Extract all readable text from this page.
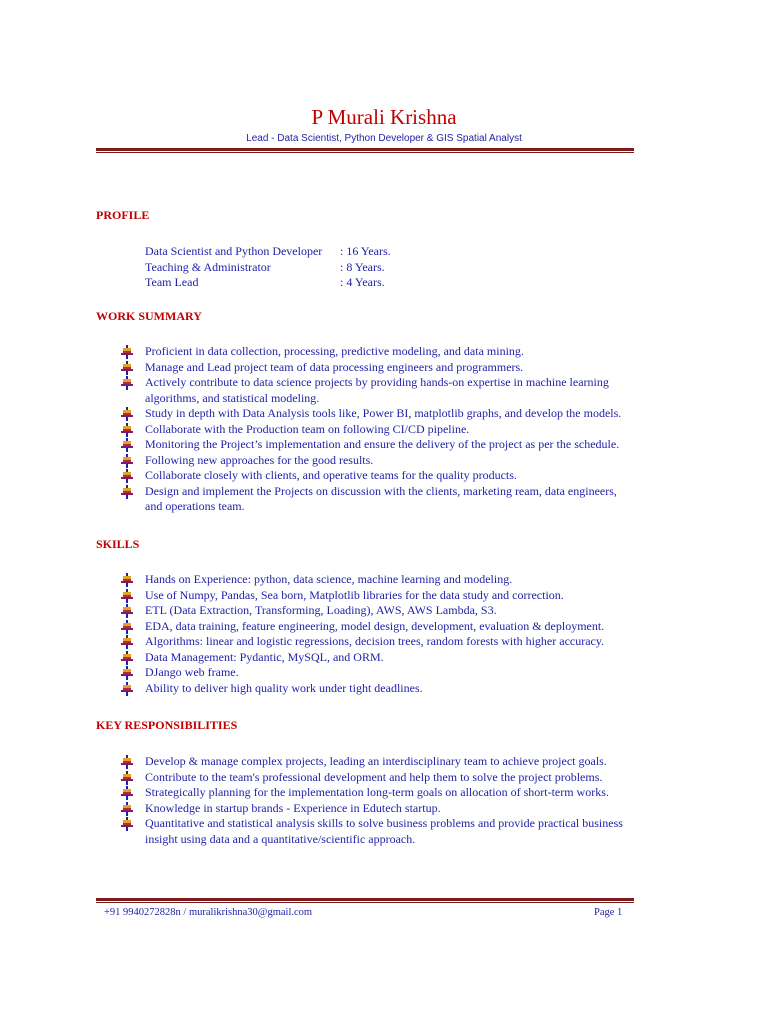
P Murali Krishna
Lead - Data Scientist, Python Developer & GIS Spatial Analyst
PROFILE
Data Scientist and Python Developer	: 16 Years.
Teaching & Administrator	: 8 Years.
Team Lead	: 4 Years.
WORK SUMMARY
Proficient in data collection, processing, predictive modeling, and data mining.
Manage and Lead project team of data processing engineers and programmers.
Actively contribute to data science projects by providing hands-on expertise in machine learning algorithms, and statistical modeling.
Study in depth with Data Analysis tools like, Power BI, matplotlib graphs, and develop the models.
Collaborate with the Production team on following CI/CD pipeline.
Monitoring the Project’s implementation and ensure the delivery of the project as per the schedule.
Following new approaches for the good results.
Collaborate closely with clients, and operative teams for the quality products.
Design and implement the Projects on discussion with the clients, marketing ream, data engineers, and operations team.
SKILLS
Hands on Experience: python, data science, machine learning and modeling.
Use of Numpy, Pandas, Sea born, Matplotlib libraries for the data study and correction.
ETL (Data Extraction, Transforming, Loading), AWS, AWS Lambda, S3.
EDA, data training, feature engineering, model design, development, evaluation & deployment.
Algorithms: linear and logistic regressions, decision trees, random forests with higher accuracy.
Data Management: Pydantic, MySQL, and ORM.
DJango web frame.
Ability to deliver high quality work under tight deadlines.
KEY RESPONSIBILITIES
Develop & manage complex projects, leading an interdisciplinary team to achieve project goals.
Contribute to the team's professional development and help them to solve the project problems.
Strategically planning for the implementation long-term goals on allocation of short-term works.
Knowledge in startup brands - Experience in Edutech startup.
Quantitative and statistical analysis skills to solve business problems and provide practical business insight using data and a quantitative/scientific approach.
+91 9940272828n / muralikrishna30@gmail.com	Page 1
